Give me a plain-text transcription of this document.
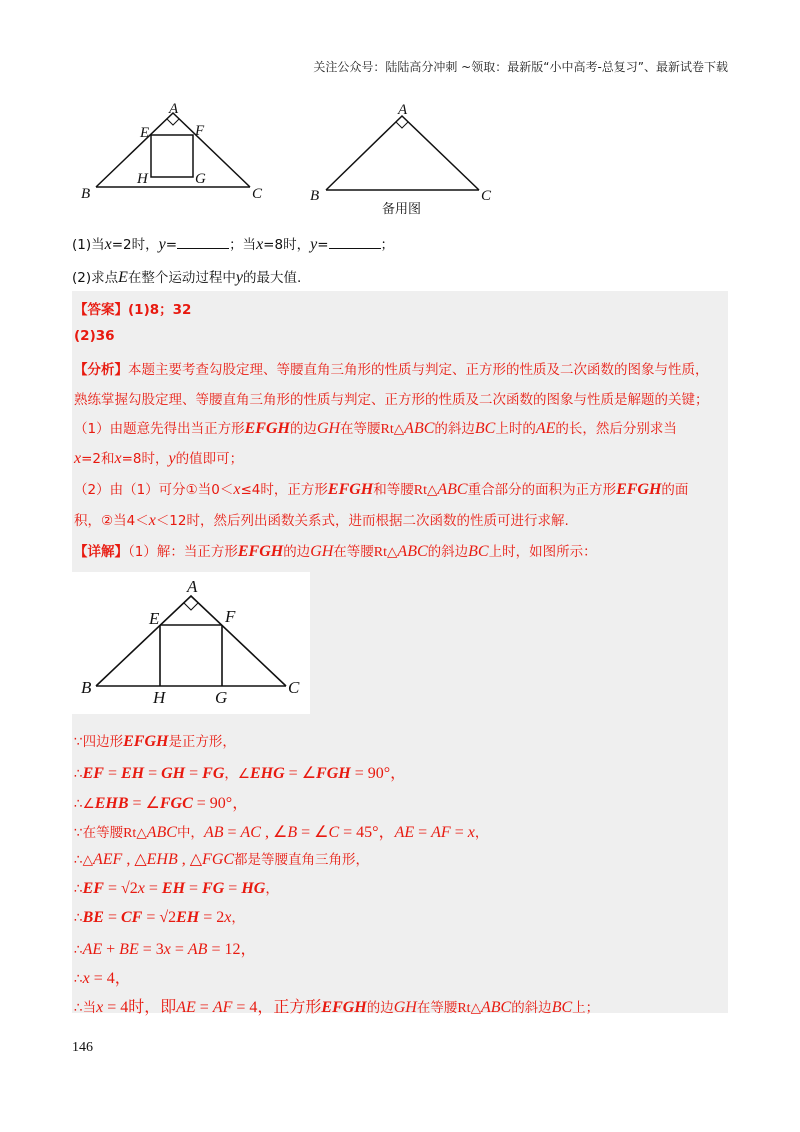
关注公众号：陆陆高分冲刺 ~领取：最新版“小中高考-总复习”、最新试卷下载
A
E	F
H	G
B	C
A
B	C
备用图
(1)当x=2时，y=	；当x=8时，y=	；
(2)求点E在整个运动过程中y的最大值.
【答案】(1)8；32
(2)36
【分析】本题主要考查勾股定理、等腰直角三角形的性质与判定、正方形的性质及二次函数的图象与性质，
熟练掌握勾股定理、等腰直角三角形的性质与判定、正方形的性质及二次函数的图象与性质是解题的关键；
（1）由题意先得出当正方形EFGH的边GH在等腰Rt△ABC的斜边BC上时的AE的长，然后分别求当
x=2和x=8时，y的值即可；
（2）由（1）可分①当0＜x≤4时，正方形EFGH和等腰Rt△ABC重合部分的面积为正方形EFGH的面
积，②当4＜x＜12时，然后列出函数关系式，进而根据二次函数的性质可进行求解.
【详解】（1）解：当正方形EFGH的边GH在等腰Rt△ABC的斜边BC上时，如图所示：
A
E	F
B
H	G
C
∵四边形EFGH是正方形，
∴EF = EH = GH = FG，∠EHG = ∠FGH = 90°，
∴∠EHB = ∠FGC = 90°，
∵在等腰Rt△ABC中，AB = AC , ∠B = ∠C = 45°，AE = AF = x，
∴△AEF , △EHB , △FGC都是等腰直角三角形，
∴EF = √2x = EH = FG = HG，
∴BE = CF = √2EH = 2x，
∴AE + BE = 3x = AB = 12，
∴x = 4，
∴当x = 4时，即AE = AF = 4，正方形EFGH的边GH在等腰Rt△ABC的斜边BC上；
146
